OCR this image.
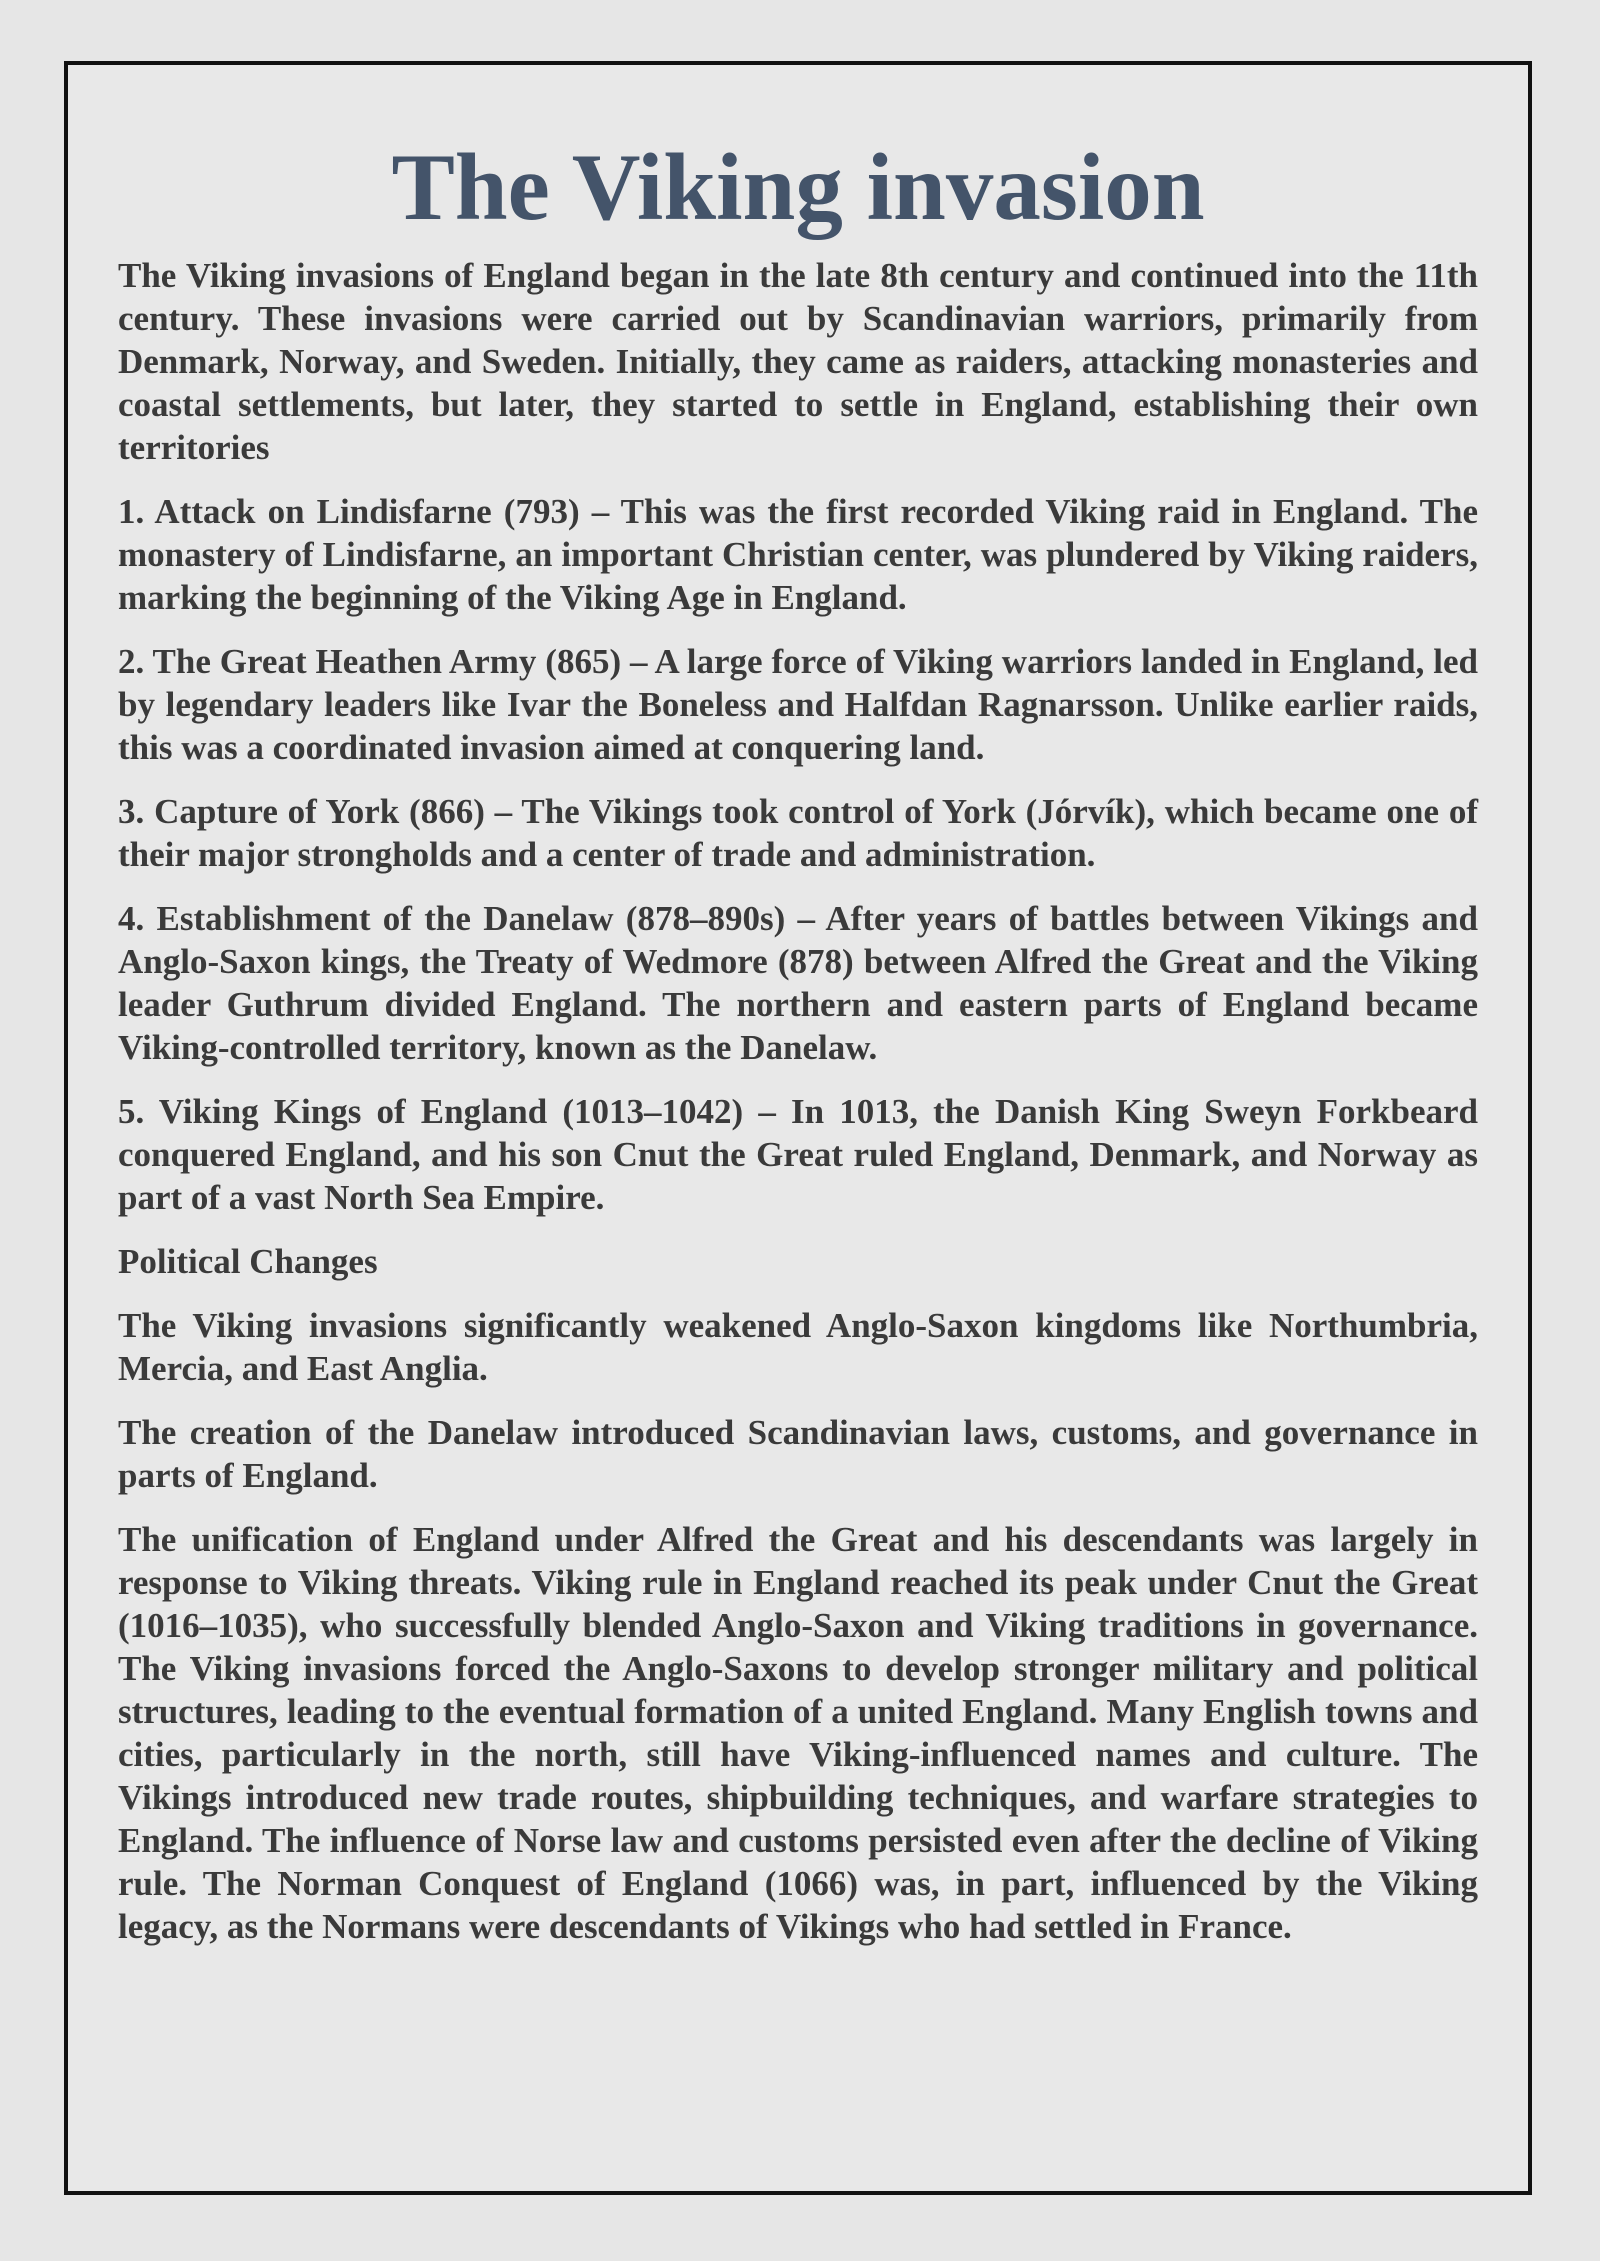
The Viking invasion

The Viking invasions of England began in the late 8th century and continued into the 11th century. These invasions were carried out by Scandinavian warriors, primarily from Denmark, Norway, and Sweden. Initially, they came as raiders, attacking monasteries and coastal settlements, but later, they started to settle in England, establishing their own territories

1. Attack on Lindisfarne (793) – This was the first recorded Viking raid in England. The monastery of Lindisfarne, an important Christian center, was plundered by Viking raiders, marking the beginning of the Viking Age in England.

2. The Great Heathen Army (865) – A large force of Viking warriors landed in England, led by legendary leaders like Ivar the Boneless and Halfdan Ragnarsson. Unlike earlier raids, this was a coordinated invasion aimed at conquering land.

3. Capture of York (866) – The Vikings took control of York (Jórvík), which became one of their major strongholds and a center of trade and administration.

4. Establishment of the Danelaw (878–890s) – After years of battles between Vikings and Anglo-Saxon kings, the Treaty of Wedmore (878) between Alfred the Great and the Viking leader Guthrum divided England. The northern and eastern parts of England became Viking-controlled territory, known as the Danelaw.

5. Viking Kings of England (1013–1042) – In 1013, the Danish King Sweyn Forkbeard conquered England, and his son Cnut the Great ruled England, Denmark, and Norway as part of a vast North Sea Empire.

Political Changes

The Viking invasions significantly weakened Anglo-Saxon kingdoms like Northumbria, Mercia, and East Anglia.

The creation of the Danelaw introduced Scandinavian laws, customs, and governance in parts of England.

The unification of England under Alfred the Great and his descendants was largely in response to Viking threats. Viking rule in England reached its peak under Cnut the Great (1016–1035), who successfully blended Anglo-Saxon and Viking traditions in governance. The Viking invasions forced the Anglo-Saxons to develop stronger military and political structures, leading to the eventual formation of a united England. Many English towns and cities, particularly in the north, still have Viking-influenced names and culture. The Vikings introduced new trade routes, shipbuilding techniques, and warfare strategies to England. The influence of Norse law and customs persisted even after the decline of Viking rule. The Norman Conquest of England (1066) was, in part, influenced by the Viking legacy, as the Normans were descendants of Vikings who had settled in France.
